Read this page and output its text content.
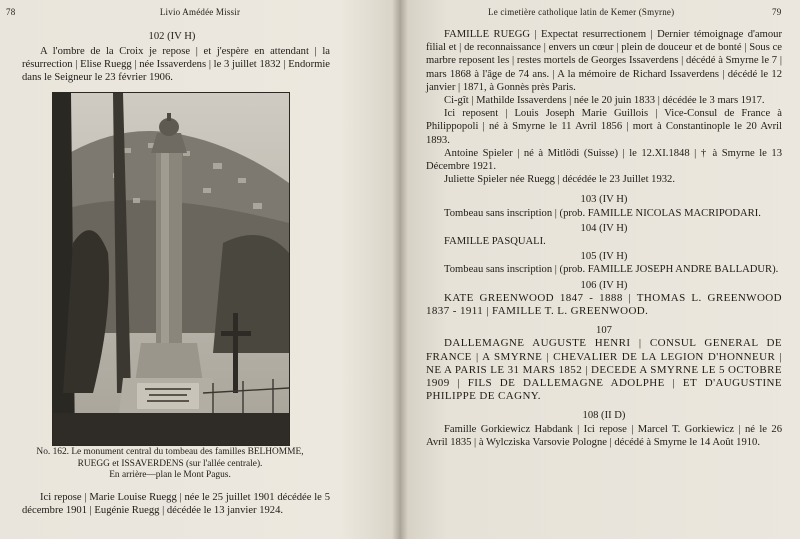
78	Livio Amédée Missir
102 (IV H)
A l'ombre de la Croix je repose | et j'espère en attendant | la résurrection | Elise Ruegg | née Issaverdens | le 3 juillet 1832 | Endormie dans le Seigneur le 23 février 1906.
No. 162. Le monument central du tombeau des familles BELHOMME,
RUEGG et ISSAVERDENS (sur l'allée centrale).
En arrière—plan le Mont Pagus.
Ici repose | Marie Louise Ruegg | née le 25 juillet 1901 décédée le 5 décembre 1901 | Eugénie Ruegg | décédée le 13 janvier 1924.
Le cimetière catholique latin de Kemer (Smyrne)	79

FAMILLE RUEGG | Expectat resurrectionem | Dernier témoignage d'amour filial et | de reconnaissance | envers un cœur | plein de douceur et de bonté | Sous ce marbre reposent les | restes mortels de Georges Issaverdens | décédé à Smyrne le 7 | mars 1868 à l'âge de 74 ans. | A la mémoire de Richard Issaverdens | décédé le 12 janvier | 1871, à Gonnès près Paris.

Ci-gît | Mathilde Issaverdens | née le 20 juin 1833 | décédée le 3 mars 1917.

Ici reposent | Louis Joseph Marie Guillois | Vice-Consul de France à Philippopoli | né à Smyrne le 11 Avril 1856 | mort à Constantinople le 20 Avril 1893.

Antoine Spieler | né à Mitlödi (Suisse) | le 12.XI.1848 | † à Smyrne le 13 Décembre 1921.

Juliette Spieler née Ruegg | décédée le 23 Juillet 1932.

103 (IV H)

Tombeau sans inscription | (prob. FAMILLE NICOLAS MACRIPODARI.

104 (IV H)

FAMILLE PASQUALI.

105 (IV H)

Tombeau sans inscription | (prob. FAMILLE JOSEPH ANDRE BALLADUR).

106 (IV H)

KATE GREENWOOD 1847 - 1888 | THOMAS L. GREENWOOD 1837 - 1911 | FAMILLE T. L. GREENWOOD.

107

DALLEMAGNE AUGUSTE HENRI | CONSUL GENERAL DE FRANCE | A SMYRNE | CHEVALIER DE LA LEGION D'HONNEUR | NE A PARIS LE 31 MARS 1852 | DECEDE A SMYRNE LE 5 OCTOBRE 1909 | FILS DE DALLEMAGNE ADOLPHE | ET D'AUGUSTINE PHILIPPE DE CAGNY.

108 (II D)

Famille Gorkiewicz Habdank | Ici repose | Marcel T. Gorkiewicz | né le 26 Avril 1835 | à Wylcziska Varsovie Pologne | décédé à Smyrne le 14 Août 1910.
